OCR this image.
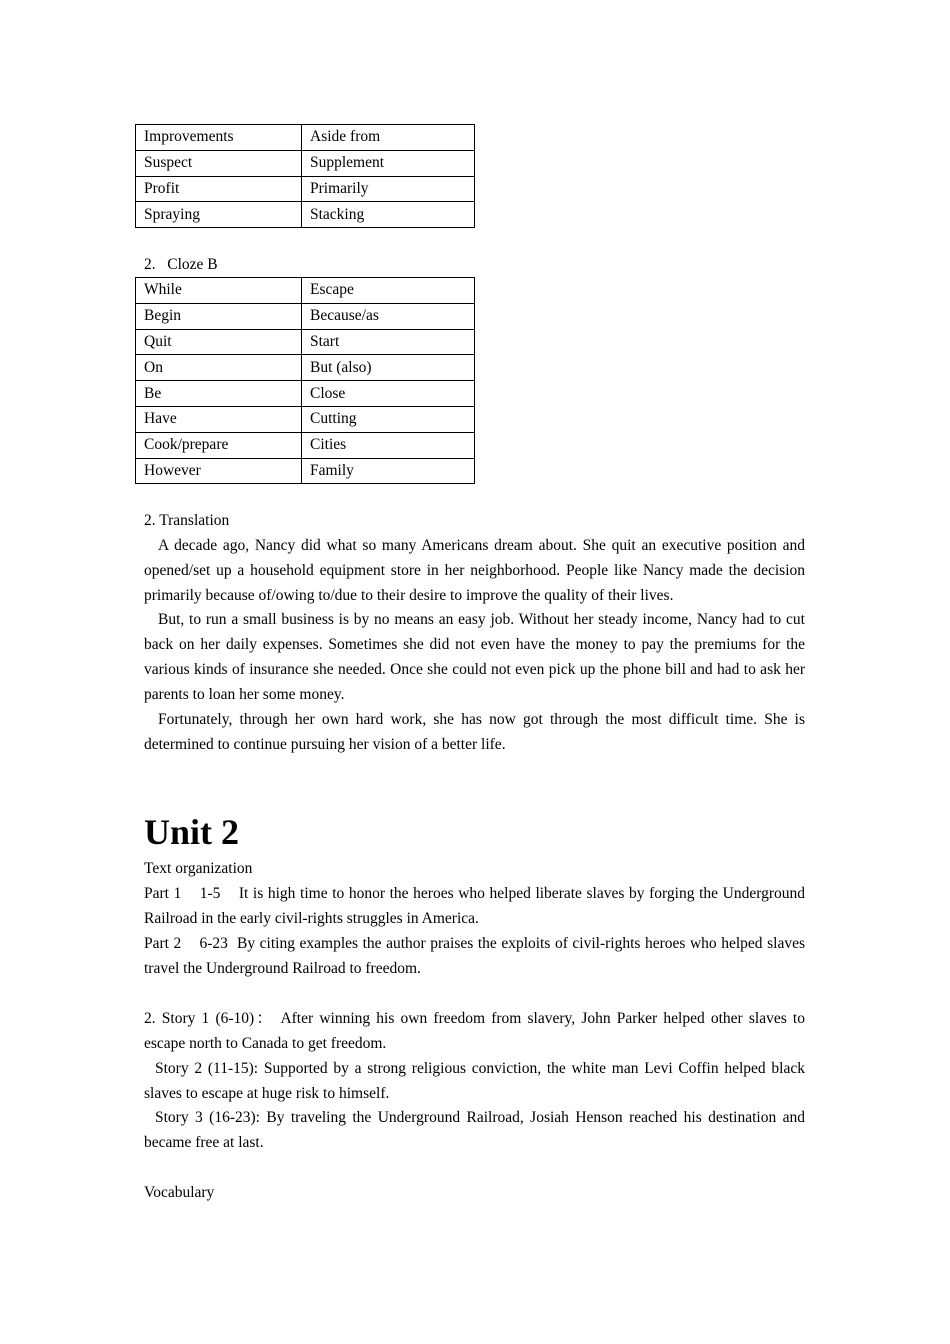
Improvements	Aside from
Suspect	Supplement
Profit	Primarily
Spraying	Stacking
2.   Cloze B
While	Escape
Begin	Because/as
Quit	Start
On	But (also)
Be	Close
Have	Cutting
Cook/prepare	Cities
However	Family
2. Translation

A decade ago, Nancy did what so many Americans dream about. She quit an executive position and opened/set up a household equipment store in her neighborhood. People like Nancy made the decision primarily because of/owing to/due to their desire to improve the quality of their lives.

But, to run a small business is by no means an easy job. Without her steady income, Nancy had to cut back on her daily expenses. Sometimes she did not even have the money to pay the premiums for the various kinds of insurance she needed. Once she could not even pick up the phone bill and had to ask her parents to loan her some money.

Fortunately, through her own hard work, she has now got through the most difficult time. She is determined to continue pursuing her vision of a better life.

Unit 2
Text organization

Part 1    1-5    It is high time to honor the heroes who helped liberate slaves by forging the Underground Railroad in the early civil-rights struggles in America.

Part 2    6-23  By citing examples the author praises the exploits of civil-rights heroes who helped slaves travel the Underground Railroad to freedom.

2. Story 1 (6-10)： After winning his own freedom from slavery, John Parker helped other slaves to escape north to Canada to get freedom.

Story 2 (11-15): Supported by a strong religious conviction, the white man Levi Coffin helped black slaves to escape at huge risk to himself.

Story 3 (16-23): By traveling the Underground Railroad, Josiah Henson reached his destination and became free at last.

Vocabulary
